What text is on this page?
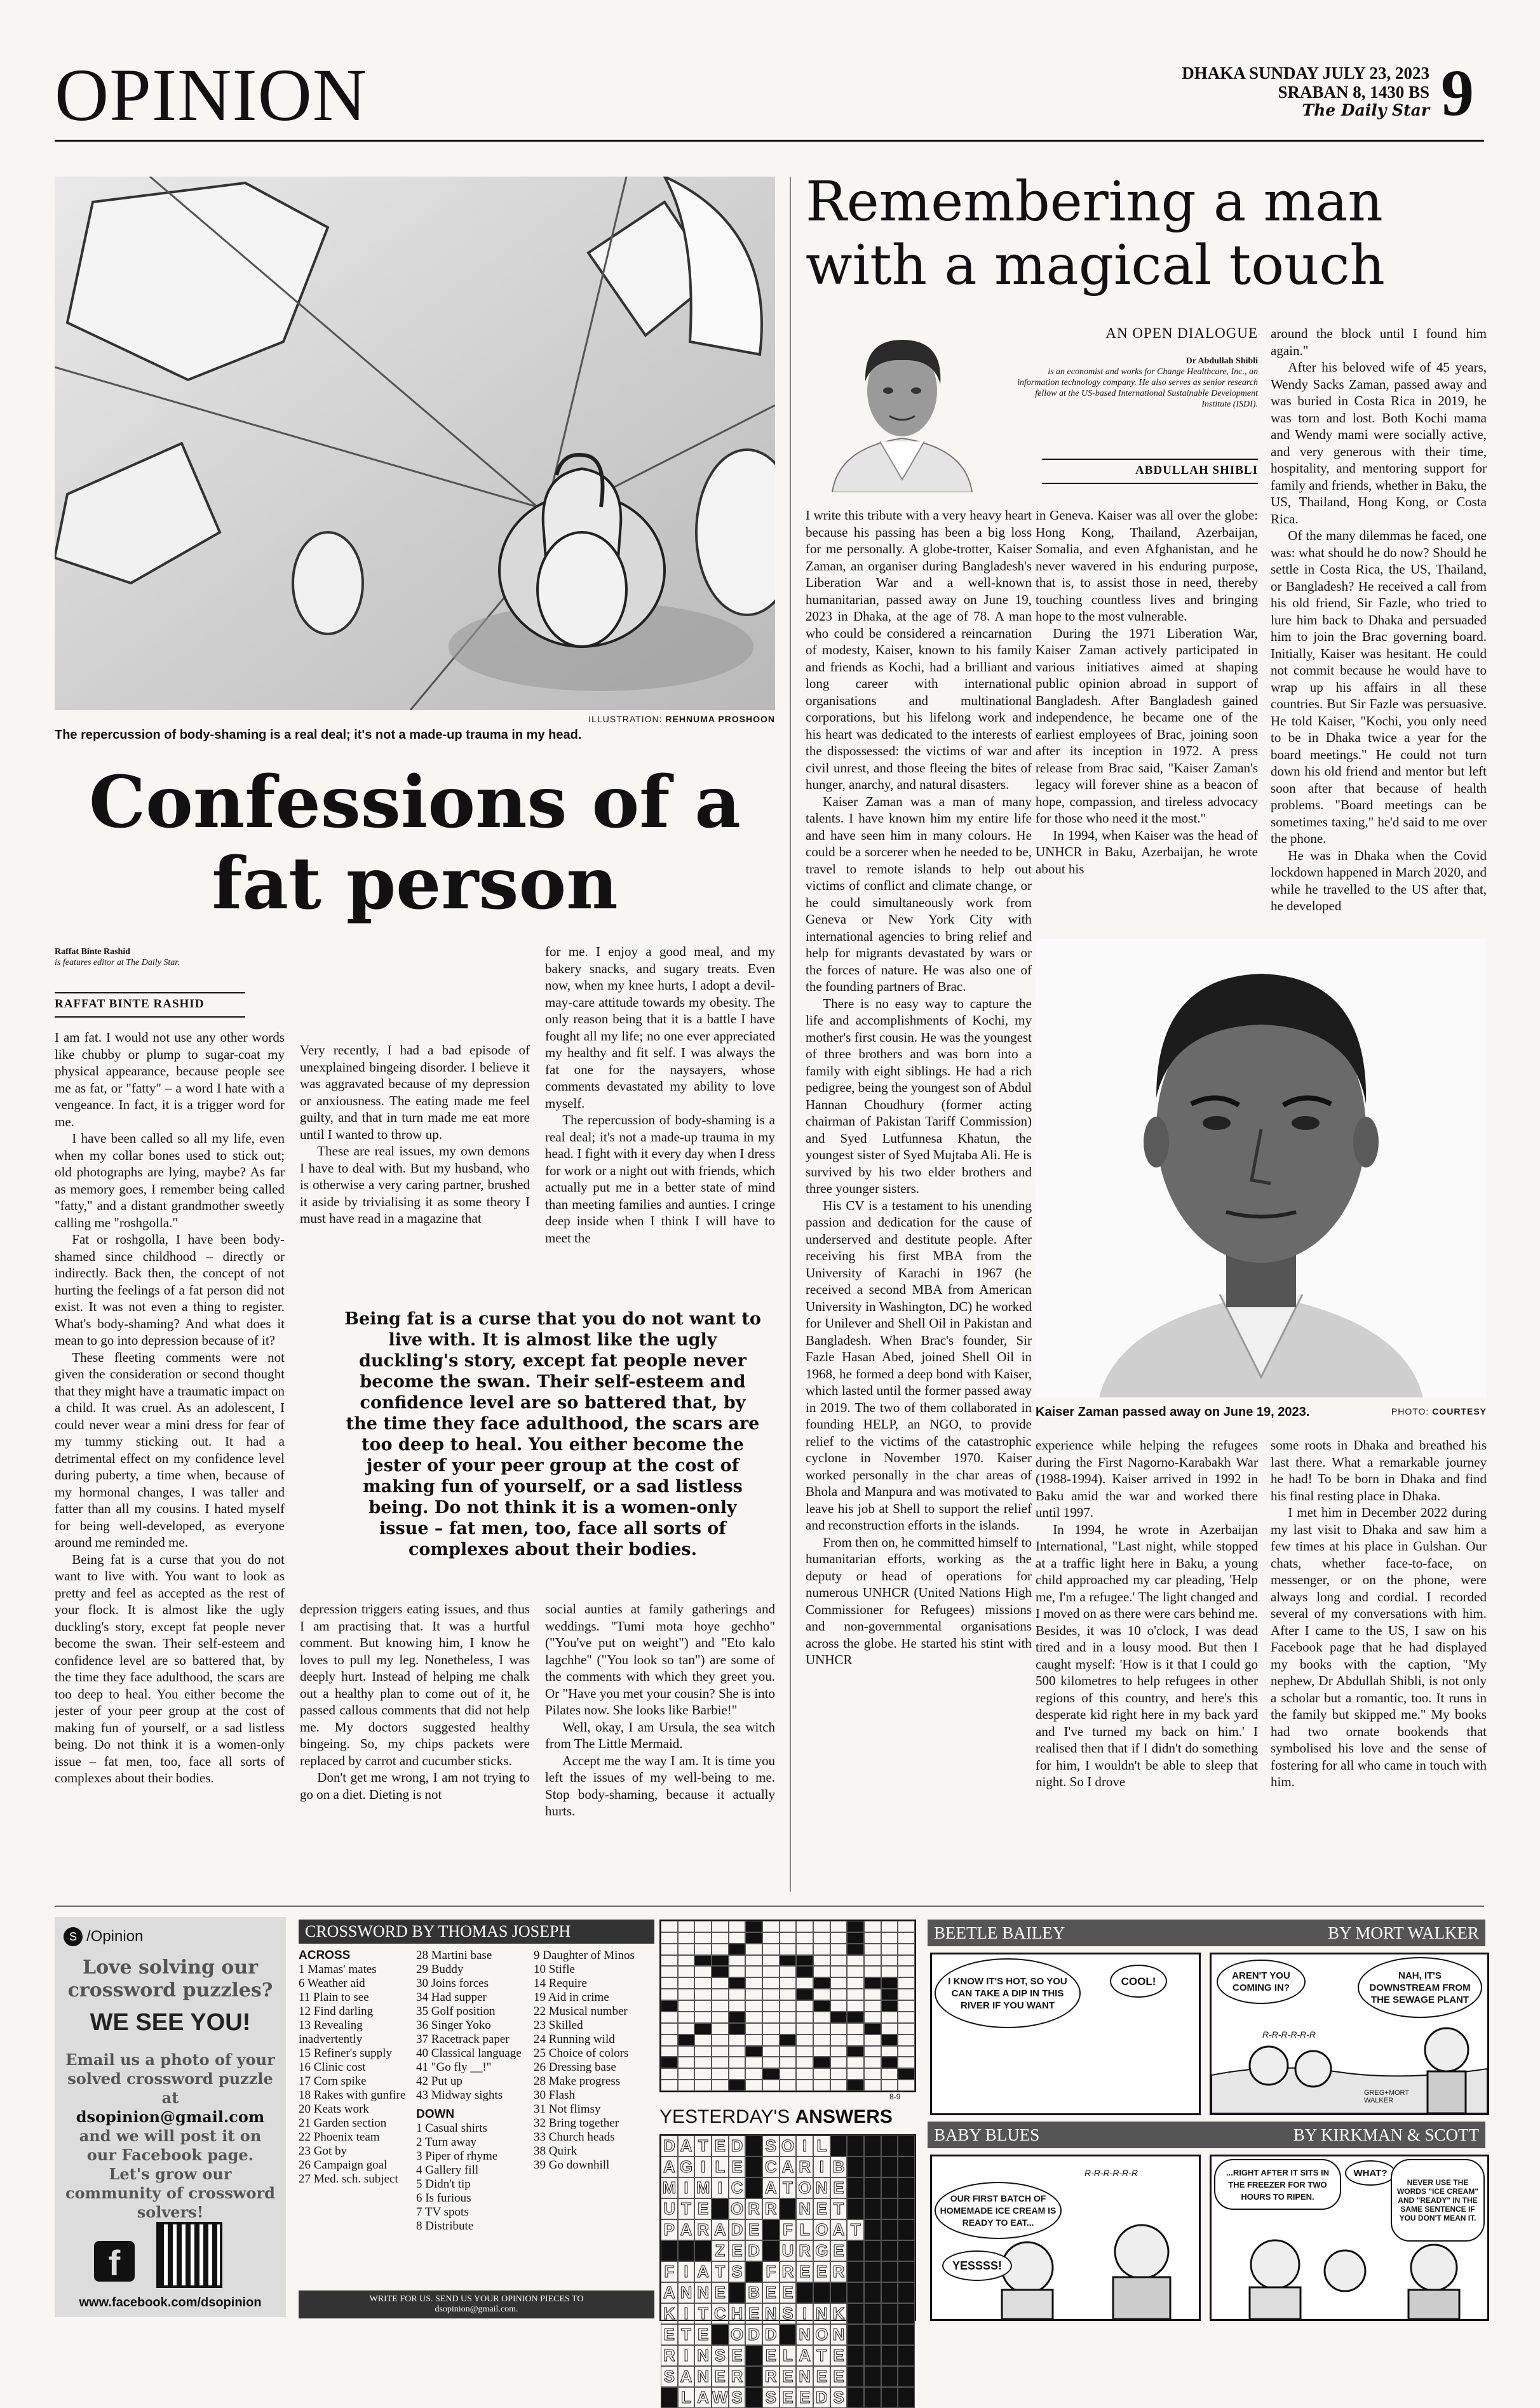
OPINION	DHAKA SUNDAY JULY 23, 2023
SRABAN 8, 1430 BS
The Daily Star 9
ILLUSTRATION: REHNUMA PROSHOON
The repercussion of body-shaming is a real deal; it's not a made-up trauma in my head.
Confessions of a
fat person
Raffat Binte Rashid
is features editor at The Daily Star.
RAFFAT BINTE RASHID

I am fat. I would not use any other words like chubby or plump to sugar-coat my physical appearance, because people see me as fat, or "fatty" – a word I hate with a vengeance. In fact, it is a trigger word for me.

I have been called so all my life, even when my collar bones used to stick out; old photographs are lying, maybe? As far as memory goes, I remember being called "fatty," and a distant grandmother sweetly calling me "roshgolla."

Fat or roshgolla, I have been body-shamed since childhood – directly or indirectly. Back then, the concept of not hurting the feelings of a fat person did not exist. It was not even a thing to register. What's body-shaming? And what does it mean to go into depression because of it?

These fleeting comments were not given the consideration or second thought that they might have a traumatic impact on a child. It was cruel. As an adolescent, I could never wear a mini dress for fear of my tummy sticking out. It had a detrimental effect on my confidence level during puberty, a time when, because of my hormonal changes, I was taller and fatter than all my cousins. I hated myself for being well-developed, as everyone around me reminded me.

Being fat is a curse that you do not want to live with. You want to look as pretty and feel as accepted as the rest of your flock. It is almost like the ugly duckling's story, except fat people never become the swan. Their self-esteem and confidence level are so battered that, by the time they face adulthood, the scars are too deep to heal. You either become the jester of your peer group at the cost of making fun of yourself, or a sad listless being. Do not think it is a women-only issue – fat men, too, face all sorts of complexes about their bodies.

Very recently, I had a bad episode of unexplained bingeing disorder. I believe it was aggravated because of my depression or anxiousness. The eating made me feel guilty, and that in turn made me eat more until I wanted to throw up.

These are real issues, my own demons I have to deal with. But my husband, who is otherwise a very caring partner, brushed it aside by trivialising it as some theory I must have read in a magazine that

for me. I enjoy a good meal, and my bakery snacks, and sugary treats. Even now, when my knee hurts, I adopt a devil-may-care attitude towards my obesity. The only reason being that it is a battle I have fought all my life; no one ever appreciated my healthy and fit self. I was always the fat one for the naysayers, whose comments devastated my ability to love myself.

The repercussion of body-shaming is a real deal; it's not a made-up trauma in my head. I fight with it every day when I dress for work or a night out with friends, which actually put me in a better state of mind than meeting families and aunties. I cringe deep inside when I think I will have to meet the

Being fat is a curse that you do not want to live with. It is almost like the ugly duckling's story, except fat people never become the swan. Their self-esteem and confidence level are so battered that, by the time they face adulthood, the scars are too deep to heal. You either become the jester of your peer group at the cost of making fun of yourself, or a sad listless being. Do not think it is a women-only issue – fat men, too, face all sorts of complexes about their bodies.

depression triggers eating issues, and thus I am practising that. It was a hurtful comment. But knowing him, I know he loves to pull my leg. Nonetheless, I was deeply hurt. Instead of helping me chalk out a healthy plan to come out of it, he passed callous comments that did not help me. My doctors suggested healthy bingeing. So, my chips packets were replaced by carrot and cucumber sticks.

Don't get me wrong, I am not trying to go on a diet. Dieting is not

social aunties at family gatherings and weddings. "Tumi mota hoye gechho" ("You've put on weight") and "Eto kalo lagchhe" ("You look so tan") are some of the comments with which they greet you. Or "Have you met your cousin? She is into Pilates now. She looks like Barbie!"

Well, okay, I am Ursula, the sea witch from The Little Mermaid.

Accept me the way I am. It is time you left the issues of my well-being to me. Stop body-shaming, because it actually hurts.

Remembering a man
with a magical touch
AN OPEN DIALOGUE
Dr Abdullah Shibli
is an economist and works for Change Healthcare, Inc., an information technology company. He also serves as senior research fellow at the US-based International Sustainable Development Institute (ISDI).
ABDULLAH SHIBLI

I write this tribute with a very heavy heart because his passing has been a big loss for me personally. A globe-trotter, Kaiser Zaman, an organiser during Bangladesh's Liberation War and a well-known humanitarian, passed away on June 19, 2023 in Dhaka, at the age of 78. A man who could be considered a reincarnation of modesty, Kaiser, known to his family and friends as Kochi, had a brilliant and long career with international organisations and multinational corporations, but his lifelong work and his heart was dedicated to the interests of the dispossessed: the victims of war and civil unrest, and those fleeing the bites of hunger, anarchy, and natural disasters.

Kaiser Zaman was a man of many talents. I have known him my entire life and have seen him in many colours. He could be a sorcerer when he needed to be, travel to remote islands to help out victims of conflict and climate change, or he could simultaneously work from Geneva or New York City with international agencies to bring relief and help for migrants devastated by wars or the forces of nature. He was also one of the founding partners of Brac.

There is no easy way to capture the life and accomplishments of Kochi, my mother's first cousin. He was the youngest of three brothers and was born into a family with eight siblings. He had a rich pedigree, being the youngest son of Abdul Hannan Choudhury (former acting chairman of Pakistan Tariff Commission) and Syed Lutfunnesa Khatun, the youngest sister of Syed Mujtaba Ali. He is survived by his two elder brothers and three younger sisters.

His CV is a testament to his unending passion and dedication for the cause of underserved and destitute people. After receiving his first MBA from the University of Karachi in 1967 (he received a second MBA from American University in Washington, DC) he worked for Unilever and Shell Oil in Pakistan and Bangladesh. When Brac's founder, Sir Fazle Hasan Abed, joined Shell Oil in 1968, he formed a deep bond with Kaiser, which lasted until the former passed away in 2019. The two of them collaborated in founding HELP, an NGO, to provide relief to the victims of the catastrophic cyclone in November 1970. Kaiser worked personally in the char areas of Bhola and Manpura and was motivated to leave his job at Shell to support the relief and reconstruction efforts in the islands.

From then on, he committed himself to humanitarian efforts, working as the deputy or head of operations for numerous UNHCR (United Nations High Commissioner for Refugees) missions and non-governmental organisations across the globe. He started his stint with UNHCR

in Geneva. Kaiser was all over the globe: Hong Kong, Thailand, Azerbaijan, Somalia, and even Afghanistan, and he never wavered in his enduring purpose, that is, to assist those in need, thereby touching countless lives and bringing hope to the most vulnerable.

During the 1971 Liberation War, Kaiser Zaman actively participated in various initiatives aimed at shaping public opinion abroad in support of Bangladesh. After Bangladesh gained independence, he became one of the earliest employees of Brac, joining soon after its inception in 1972. A press release from Brac said, "Kaiser Zaman's legacy will forever shine as a beacon of hope, compassion, and tireless advocacy for those who need it the most."

In 1994, when Kaiser was the head of UNHCR in Baku, Azerbaijan, he wrote about his

around the block until I found him again."

After his beloved wife of 45 years, Wendy Sacks Zaman, passed away and was buried in Costa Rica in 2019, he was torn and lost. Both Kochi mama and Wendy mami were socially active, and very generous with their time, hospitality, and mentoring support for family and friends, whether in Baku, the US, Thailand, Hong Kong, or Costa Rica.

Of the many dilemmas he faced, one was: what should he do now? Should he settle in Costa Rica, the US, Thailand, or Bangladesh? He received a call from his old friend, Sir Fazle, who tried to lure him back to Dhaka and persuaded him to join the Brac governing board. Initially, Kaiser was hesitant. He could not commit because he would have to wrap up his affairs in all these countries. But Sir Fazle was persuasive. He told Kaiser, "Kochi, you only need to be in Dhaka twice a year for the board meetings." He could not turn down his old friend and mentor but left soon after that because of health problems. "Board meetings can be sometimes taxing," he'd said to me over the phone.

He was in Dhaka when the Covid lockdown happened in March 2020, and while he travelled to the US after that, he developed

Kaiser Zaman passed away on June 19, 2023.	PHOTO: COURTESY

experience while helping the refugees during the First Nagorno-Karabakh War (1988-1994). Kaiser arrived in 1992 in Baku amid the war and worked there until 1997.

In 1994, he wrote in Azerbaijan International, "Last night, while stopped at a traffic light here in Baku, a young child approached my car pleading, 'Help me, I'm a refugee.' The light changed and I moved on as there were cars behind me. Besides, it was 10 o'clock, I was dead tired and in a lousy mood. But then I caught myself: 'How is it that I could go 500 kilometres to help refugees in other regions of this country, and here's this desperate kid right here in my back yard and I've turned my back on him.' I realised then that if I didn't do something for him, I wouldn't be able to sleep that night. So I drove

some roots in Dhaka and breathed his last there. What a remarkable journey he had! To be born in Dhaka and find his final resting place in Dhaka.

I met him in December 2022 during my last visit to Dhaka and saw him a few times at his place in Gulshan. Our chats, whether face-to-face, on messenger, or on the phone, were always long and cordial. I recorded several of my conversations with him. After I came to the US, I saw on his Facebook page that he had displayed my books with the caption, "My nephew, Dr Abdullah Shibli, is not only a scholar but a romantic, too. It runs in the family but skipped me." My books had two ornate bookends that symbolised his love and the sense of fostering for all who came in touch with him.

S /Opinion
Love solving our
crossword puzzles?
WE SEE YOU!
Email us a photo of your solved crossword puzzle at
dsopinion@gmail.com
and we will post it on our Facebook page. Let's grow our community of crossword solvers!
f
www.facebook.com/dsopinion
CROSSWORD BY THOMAS JOSEPH
ACROSS
1 Mamas' mates
6 Weather aid
11 Plain to see
12 Find darling
13 Revealing inadvertently
15 Refiner's supply
16 Clinic cost
17 Corn spike
18 Rakes with gunfire
20 Keats work
21 Garden section
22 Phoenix team
23 Got by
26 Campaign goal
27 Med. sch. subject
28 Martini base
29 Buddy
30 Joins forces
34 Had supper
35 Golf position
36 Singer Yoko
37 Racetrack paper
40 Classical language
41 "Go fly __!"
42 Put up
43 Midway sights
DOWN
1 Casual shirts
2 Turn away
3 Piper of rhyme
4 Gallery fill
5 Didn't tip
6 Is furious
7 TV spots
8 Distribute
9 Daughter of Minos
10 Stifle
14 Require
19 Aid in crime
22 Musical number
23 Skilled
24 Running wild
25 Choice of colors
26 Dressing base
28 Make progress
30 Flash
31 Not flimsy
32 Bring together
33 Church heads
38 Quirk
39 Go downhill
WRITE FOR US. SEND US YOUR OPINION PIECES TO
dsopinion@gmail.com.
8-9
YESTERDAY'S ANSWERS
D A T E D S O I L
A G I L E C A R I B
M I M I C A T O N E
U T E O R R N E T
P A R A D E F L O A T
Z E D U R G E
F I A T S F R E E R
A N N E B E E
K I T C H E N S I N K
E T E O D D N O N
R I N S E E L A T E
S A N E R R E N E E
L A W S S E E D S
BEETLE BAILEY	BY MORT WALKER
I KNOW IT'S HOT, SO YOU CAN TAKE A DIP IN THIS RIVER IF YOU WANT
COOL!	AREN'T YOU COMING IN?
NAH, IT'S DOWNSTREAM FROM THE SEWAGE PLANT
R-R-R-R-R-R
GREG+MORT WALKER
BABY BLUES	BY KIRKMAN & SCOTT
OUR FIRST BATCH OF HOMEMADE ICE CREAM IS READY TO EAT...
YESSSS!
R-R-R-R-R-R	...RIGHT AFTER IT SITS IN THE FREEZER FOR TWO HOURS TO RIPEN.
WHAT?
NEVER USE THE WORDS "ICE CREAM" AND "READY" IN THE SAME SENTENCE IF YOU DON'T MEAN IT.
